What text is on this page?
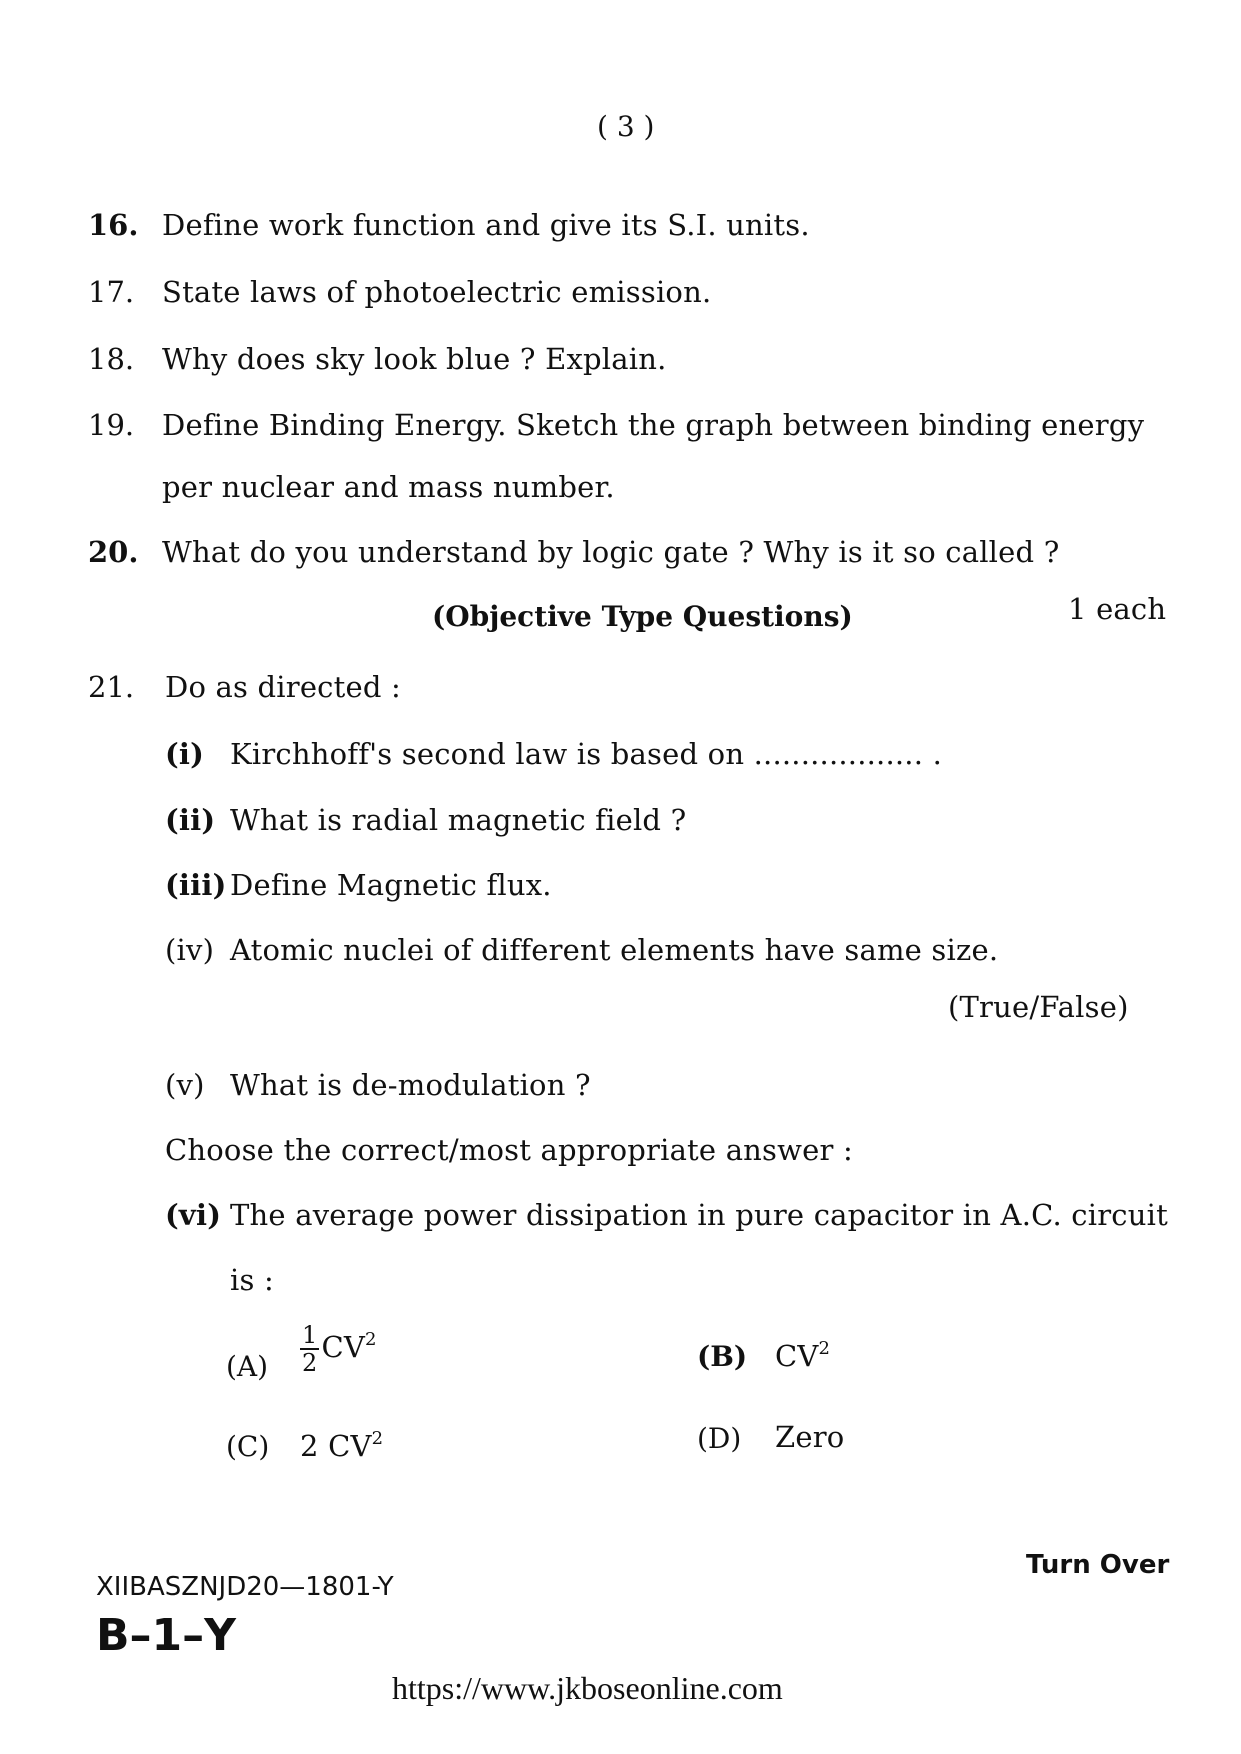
( 3 )
16. Define work function and give its S.I. units.
17. State laws of photoelectric emission.
18. Why does sky look blue ? Explain.
19. Define Binding Energy. Sketch the graph between binding energy
per nuclear and mass number.
20. What do you understand by logic gate ? Why is it so called ?
(Objective Type Questions)	1 each
21. Do as directed :
(i) Kirchhoff's second law is based on .................. .
(ii) What is radial magnetic field ?
(iii) Define Magnetic flux.
(iv) Atomic nuclei of different elements have same size.
(True/False)
(v) What is de-modulation ?
Choose the correct/most appropriate answer :
(vi) The average power dissipation in pure capacitor in A.C. circuit
is :
$(A) \frac{1}{2} CV^2$
(B) $CV^2$
(C) 2 $CV^2$	(D) Zero
XIIBASZNJD20—1801-Y
B–1–Y
Turn Over
https://www.jkboseonline.com
